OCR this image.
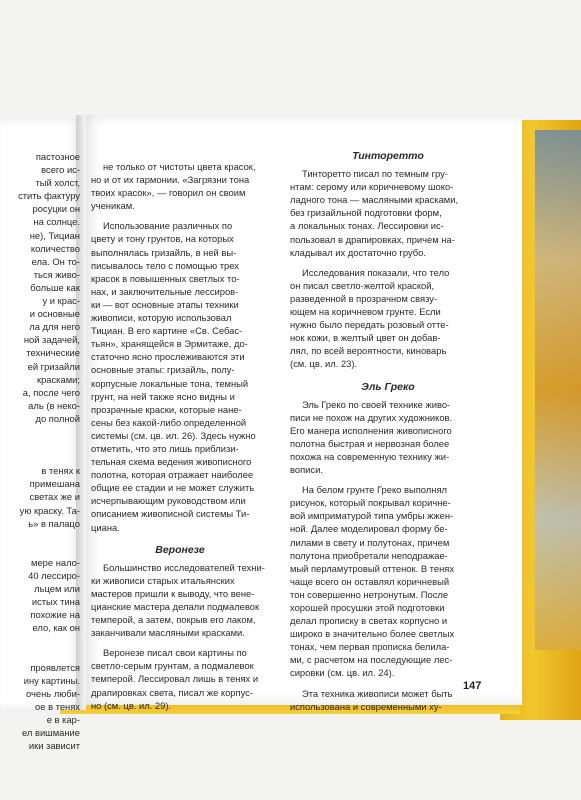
пастозное
всего ис-
тый холст,
стить фактуру
росуцки он
на солнце.
не), Тициан
количество
ела. Он то-
ться живо-
больше как
у и крас-
и основные
ла для него
ной задачей,
технические
ей гризайли
красками;
а, после чего
аль (в неко-
до полной

в тенях к
примешана
светах же и
ую краску. Та-
ь» в палацо

мере нало-
40 лессиро-
льцем или
истых тина
похожие на
ело, как он

проявлется
ину картины.
очень люби-
ое в тенях
е в кар-
ел вишмание
ики зависит
не только от чистоты цвета красок,
но и от их гармонии. «Загрязни тона
твоих красок», — говорил он своим
ученикам.
Использование различных по
цвету и тону грунтов, на которых
выполнялась гризайль, в ней вы-
писывалось тело с помощью трех
красок в повышенных светлых то-
нах, и заключительные лессиров-
ки — вот основные этапы техники
живописи, которую использовал
Тициан. В его картине «Св. Себас-
тьян», хранящейся в Эрмитаже, до-
статочно ясно прослеживаются эти
основные этапы: гризайль, полу-
корпусные локальные тона, темный
грунт, на ней также ясно видны и
прозрачные краски, которые нане-
сены без какой-либо определенной
системы (см. цв. ил. 26). Здесь нужно
отметить, что это лишь приблизи-
тельная схема ведения живописного
полотна, которая отражает наиболее
общие ее стадии и не может служить
исчерпывающим руководством или
описанием живописной системы Ти-
циана.
Веронезе
Большинство исследователей техни-
ки живописи старых итальянских
мастеров пришли к выводу, что вене-
цианские мастера делали подмалевок
темперой, а затем, покрыв его лаком,
заканчивали масляными красками.
Веронезе писал свои картины по
светло-серым грунтам, а подмалевок
темперой. Лессировал лишь в тенях и
драпировках света, писал же корпус-
но (см. цв. ил. 29).
Тинторетто
Тинторетто писал по темным гру-
нтам: серому или коричневому шоко-
ладного тона — масляными красками,
без гризайльной подготовки форм,
а локальных тонах. Лессировки ис-
пользовал в драпировках, причем на-
кладывал их достаточно грубо.
Исследования показали, что тело
он писал светло-желтой краской,
разведенной в прозрачном связу-
ющем на коричневом грунте. Если
нужно было передать розовый отте-
нок кожи, в желтый цвет он добав-
лял, по всей вероятности, киноварь
(см. цв. ил. 23).
Эль Греко
Эль Греко по своей технике живо-
писи не похож на других художников.
Его манера исполнения живописного
полотна быстрая и нервозная более
похожа на современную технику жи-
вописи.
На белом грунте Греко выполнял
рисунок, который покрывал коричне-
вой имприматурой типа умбры жжен-
ной. Далее моделировал форму бе-
лилами в свету и полутонах, причем
полутона приобретали неподражае-
мый перламутровый оттенок. В тенях
чаще всего он оставлял коричневый
тон совершенно нетронутым. После
хорошей просушки этой подготовки
делал прописку в светах корпусно и
широко в значительно более светлых
тонах, чем первая прописка белила-
ми, с расчетом на последующие лес-
сировки (см. цв. ил. 24).
Эта техника живописи может быть
использована и современными ху-
147
